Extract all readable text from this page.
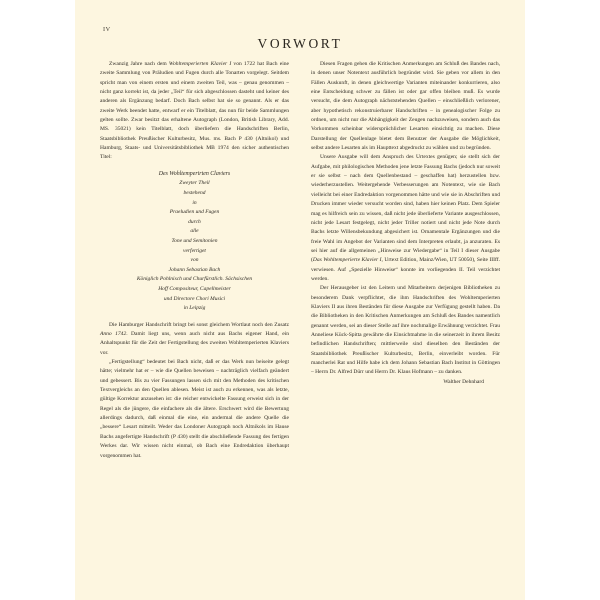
IV
VORWORT

Zwanzig Jahre nach dem Wohltemperierten Klavier I von 1722 hat Bach eine zweite Sammlung von Präludien und Fugen durch alle Tonarten vorgelegt. Seitdem spricht man von einem ersten und einem zweiten Teil, was – genau genommen – nicht ganz korrekt ist, da jeder „Teil“ für sich abgeschlossen dasteht und keiner des anderen als Ergänzung bedarf. Doch Bach selbst hat sie so genannt. Als er das zweite Werk beendet hatte, entwarf er ein Titelblatt, das nun für beide Sammlungen gelten sollte. Zwar besitzt das erhaltene Autograph (London, British Library, Add. MS. 35021) kein Titelblatt, doch überliefern die Handschriften Berlin, Staatsbibliothek Preußischer Kulturbesitz, Mus. ms. Bach P 430 (Altnikol) und Hamburg, Staats- und Universitätsbibliothek MB 1974 den sicher authentischen Titel:

Des Wohltemperirten Claviers
Zweyter Theil
bestehend
in
Praeludien und Fugen
durch
alle
Tone und Semitonien
verfertiget
von
Johann Sebastian Bach
Königlich Pohlnisch und Churfürstlich. Sächsischen
Hoff Compositeur, Capellmeister
und Directore Chori Musici
in Leipzig

Die Hamburger Handschrift bringt bei sonst gleichem Wortlaut noch den Zusatz Anno 1742. Damit liegt uns, wenn auch nicht aus Bachs eigener Hand, ein Anhaltspunkt für die Zeit der Fertigstellung des zweiten Wohltemperierten Klaviers vor.

„Fertigstellung“ bedeutet bei Bach nicht, daß er das Werk nun beiseite gelegt hätte; vielmehr hat er – wie die Quellen beweisen – nachträglich vielfach geändert und gebessert. Bis zu vier Fassungen lassen sich mit den Methoden des kritischen Textvergleichs an den Quellen ablesen. Meist ist auch zu erkennen, was als letzte, gültige Korrektur anzusehen ist: die reicher entwickelte Fassung erweist sich in der Regel als die jüngere, die einfachere als die ältere. Erschwert wird die Bewertung allerdings dadurch, daß einmal die eine, ein andermal die andere Quelle die „bessere“ Lesart mitteilt. Weder das Londoner Autograph noch Altnikols im Hause Bachs angefertigte Handschrift (P 430) stellt die abschließende Fassung des fertigen Werkes dar. Wir wissen nicht einmal, ob Bach eine Endredaktion überhaupt vorgenommen hat.

Diesen Fragen gehen die Kritischen Anmerkungen am Schluß des Bandes nach, in denen unser Notentext ausführlich begründet wird. Sie geben vor allem in den Fällen Auskunft, in denen gleichwertige Varianten miteinander konkurrieren, also eine Entscheidung schwer zu fällen ist oder gar offen bleiben muß. Es wurde versucht, die dem Autograph nächststehenden Quellen – einschließlich verlorener, aber hypothetisch rekonstruierbarer Handschriften – in genealogischer Folge zu ordnen, um nicht nur die Abhängigkeit der Zeugen nachzuweisen, sondern auch das Vorkommen scheinbar widersprüchlicher Lesarten einsichtig zu machen. Diese Darstellung der Quellenlage bietet dem Benutzer der Ausgabe die Möglichkeit, selbst andere Lesarten als im Haupttext abgedruckt zu wählen und zu begründen.

Unsere Ausgabe will dem Anspruch des Urtextes genügen; sie stellt sich der Aufgabe, mit philologischen Methoden jene letzte Fassung Bachs (jedoch nur soweit er sie selbst – nach dem Quellenbestand – geschaffen hat) herzustellen bzw. wiederherzustellen. Weitergehende Verbesserungen am Notentext, wie sie Bach vielleicht bei einer Endredaktion vorgenommen hätte und wie sie in Abschriften und Drucken immer wieder versucht worden sind, haben hier keinen Platz. Dem Spieler mag es hilfreich sein zu wissen, daß nicht jede überlieferte Variante ausgeschlossen, nicht jede Lesart festgelegt, nicht jeder Triller notiert und nicht jede Note durch Bachs letzte Willensbekundung abgesichert ist. Ornamentale Ergänzungen und die freie Wahl im Angebot der Varianten sind dem Interpreten erlaubt, ja anzuraten. Es sei hier auf die allgemeinen „Hinweise zur Wiedergabe“ in Teil I dieser Ausgabe (Das Wohltemperierte Klavier I, Urtext Edition, Mainz/Wien, UT 50050), Seite IIIff. verwiesen. Auf „Spezielle Hinweise“ konnte im vorliegenden II. Teil verzichtet werden.

Der Herausgeber ist den Leitern und Mitarbeitern derjenigen Bibliotheken zu besonderem Dank verpflichtet, die ihm Handschriften des Wohltemperierten Klaviers II aus ihren Beständen für diese Ausgabe zur Verfügung gestellt haben. Da die Bibliotheken in den Kritischen Anmerkungen am Schluß des Bandes namentlich genannt werden, sei an dieser Stelle auf ihre nochmalige Erwähnung verzichtet. Frau Anneliese Kück-Spitta gewährte die Einsichtnahme in die seinerzeit in ihrem Besitz befindlichen Handschriften; mittlerweile sind dieselben den Beständen der Staatsbibliothek Preußischer Kulturbesitz, Berlin, einverleibt worden. Für mancherlei Rat und Hilfe habe ich dem Johann Sebastian Bach Institut in Göttingen – Herrn Dr. Alfred Dürr und Herrn Dr. Klaus Hofmann – zu danken.

Walther Dehnhard
